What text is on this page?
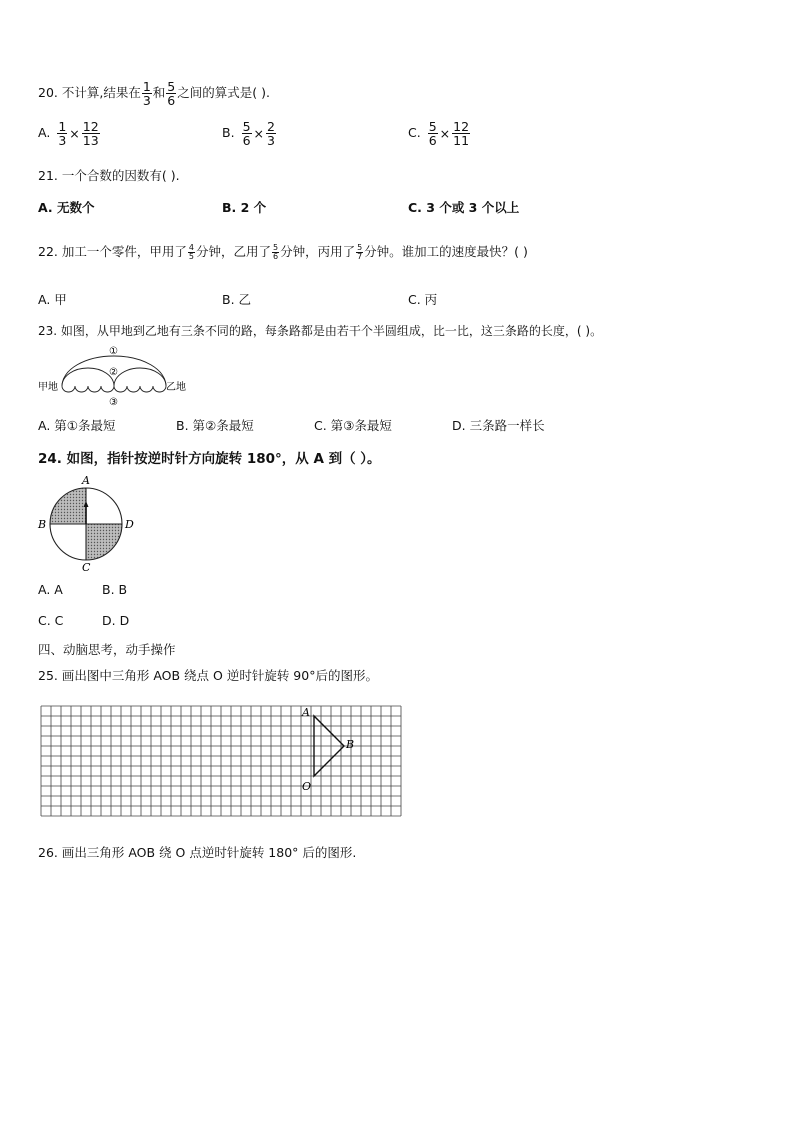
20. 不计算,结果在 $\frac{1}{3}$ 和 $\frac{5}{6}$ 之间的算式是( ).
A. $\frac{1}{3} \times \frac{12}{13}$	B. $\frac{5}{6} \times \frac{2}{3}$	C. $\frac{5}{6} \times \frac{12}{11}$
21. 一个合数的因数有( ).
A. 无数个	B. 2 个	C. 3 个或 3 个以上
22. 加工一个零件，甲用了 $\frac{4}{5}$ 分钟，乙用了 $\frac{5}{6}$ 分钟，丙用了 $\frac{5}{7}$ 分钟。谁加工的速度最快？( )
A. 甲	B. 乙	C. 丙
23. 如图，从甲地到乙地有三条不同的路，每条路都是由若干个半圆组成，比一比，这三条路的长度，( )。
甲地	乙地
①
②
③
A. 第①条最短	B. 第②条最短	C. 第③条最短	D. 三条路一样长
24. 如图，指针按逆时针方向旋转 180°，从 A 到（ ）。
A
B
C
D
A. A	B. B
C. C	D. D
四、动脑思考，动手操作
25. 画出图中三角形 AOB 绕点 O 逆时针旋转 90°后的图形。
A
B
O
26. 画出三角形 AOB 绕 O 点逆时针旋转 180° 后的图形.
